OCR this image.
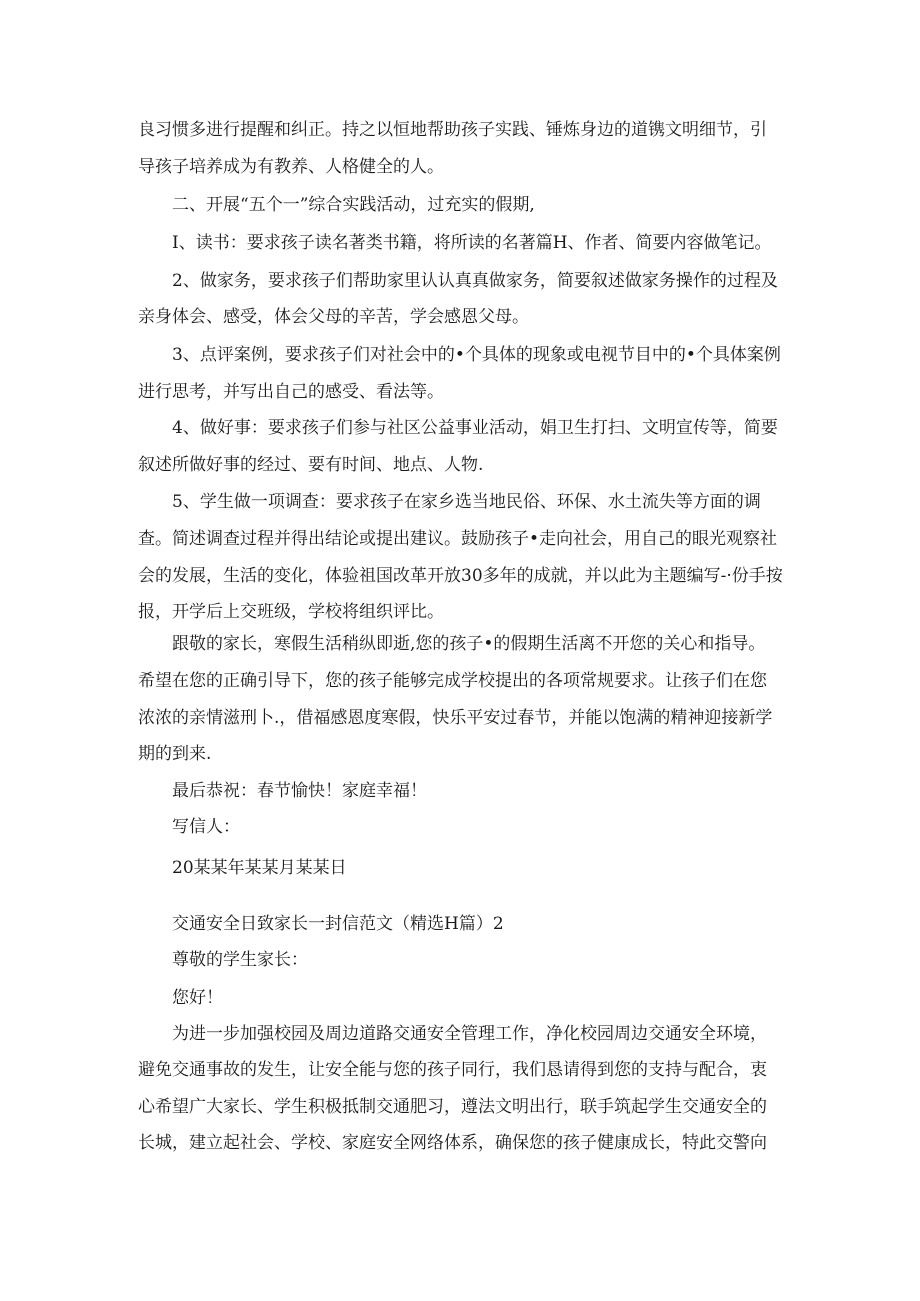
良习惯多进行提醒和纠正。持之以恒地帮助孩子实践、锤炼身边的道镌文明细节，引
导孩子培养成为有教养、人格健全的人。
二、开展“五个一”综合实践活动，过充实的假期,
I、读书：要求孩子读名著类书籍，将所读的名著篇H、作者、简要内容做笔记。
2、做家务，要求孩子们帮助家里认认真真做家务，简要叙述做家务操作的过程及
亲身体会、感受，体会父母的辛苦，学会感恩父母。
3、点评案例，要求孩子们对社会中的•个具体的现象或电视节目中的•个具体案例
进行思考，并写出自己的感受、看法等。
4、做好事：要求孩子们参与社区公益事业活动，娟卫生打扫、文明宣传等，简要
叙述所做好事的经过、要有时间、地点、人物.
5、学生做一项调查：要求孩子在家乡选当地民俗、环保、水土流失等方面的调
查。简述调查过程并得出结论或提出建议。鼓励孩子•走向社会，用自己的眼光观察社
会的发展，生活的变化，体验祖国改革开放30多年的成就，并以此为主题编写-·份手按
报，开学后上交班级，学校将组织评比。
跟敬的家长，寒假生活稍纵即逝,您的孩子•的假期生活离不开您的关心和指导。
希望在您的正确引导下，您的孩子能够完成学校提出的各项常规要求。让孩子们在您
浓浓的亲情滋刑卜.，借福感恩度寒假，快乐平安过春节，并能以饱满的精神迎接新学
期的到来.
最后恭祝：春节愉快！家庭幸福！
写信人：
20某某年某某月某某日
交通安全日致家长一封信范文（精选H篇）2
尊敬的学生家长：
您好！
为进一步加强校园及周边道路交通安全管理工作，净化校园周边交通安全环境，
避免交通事故的发生，让安全能与您的孩子同行，我们恳请得到您的支持与配合，衷
心希望广大家长、学生积极抵制交通肥习，遵法文明出行，联手筑起学生交通安全的
长城，建立起社会、学校、家庭安全网络体系，确保您的孩子健康成长，特此交警向
